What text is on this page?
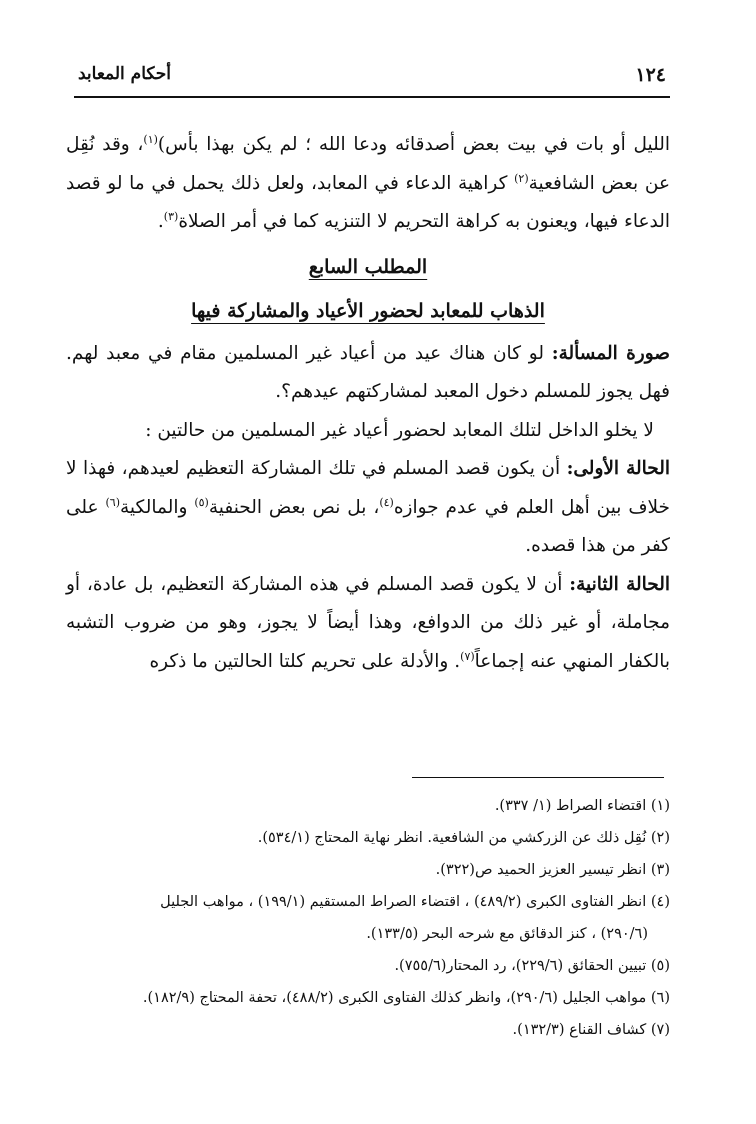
١٢٤
أحكام المعابد

الليل أو بات في بيت بعض أصدقائه ودعا الله ؛ لم يكن بهذا بأس)$^{(١)}$، وقد نُقِل عن بعض الشافعية$^{(٢)}$ كراهية الدعاء في المعابد، ولعل ذلك يحمل في ما لو قصد الدعاء فيها، ويعنون به كراهة التحريم لا التنزيه كما في أمر الصلاة$^{(٣)}$.

المطلب السابع
الذهاب للمعابد لحضور الأعياد والمشاركة فيها

صورة المسألة: لو كان هناك عيد من أعياد غير المسلمين مقام في معبد لهم. فهل يجوز للمسلم دخول المعبد لمشاركتهم عيدهم؟.

لا يخلو الداخل لتلك المعابد لحضور أعياد غير المسلمين من حالتين :

الحالة الأولى: أن يكون قصد المسلم في تلك المشاركة التعظيم لعيدهم، فهذا لا خلاف بين أهل العلم في عدم جوازه$^{(٤)}$، بل نص بعض الحنفية$^{(٥)}$ والمالكية$^{(٦)}$ على كفر من هذا قصده.

الحالة الثانية: أن لا يكون قصد المسلم في هذه المشاركة التعظيم، بل عادة، أو مجاملة، أو غير ذلك من الدوافع، وهذا أيضاً لا يجوز، وهو من ضروب التشبه بالكفار المنهي عنه إجماعاً$^{(٧)}$. والأدلة على تحريم كلتا الحالتين ما ذكره

(١) اقتضاء الصراط (١/ ٣٣٧).

(٢) نُقِل ذلك عن الزركشي من الشافعية. انظر نهاية المحتاج (٥٣٤/١).

(٣) انظر تيسير العزيز الحميد ص(٣٢٢).

(٤) انظر الفتاوى الكبرى (٤٨٩/٢) ، اقتضاء الصراط المستقيم (١٩٩/١) ، مواهب الجليل
(٢٩٠/٦) ، كنز الدقائق مع شرحه البحر (١٣٣/٥).

(٥) تبيين الحقائق (٢٢٩/٦)، رد المحتار(٧٥٥/٦).

(٦) مواهب الجليل (٢٩٠/٦)، وانظر كذلك الفتاوى الكبرى (٤٨٨/٢)، تحفة المحتاج (١٨٢/٩).

(٧) كشاف القناع (١٣٢/٣).
